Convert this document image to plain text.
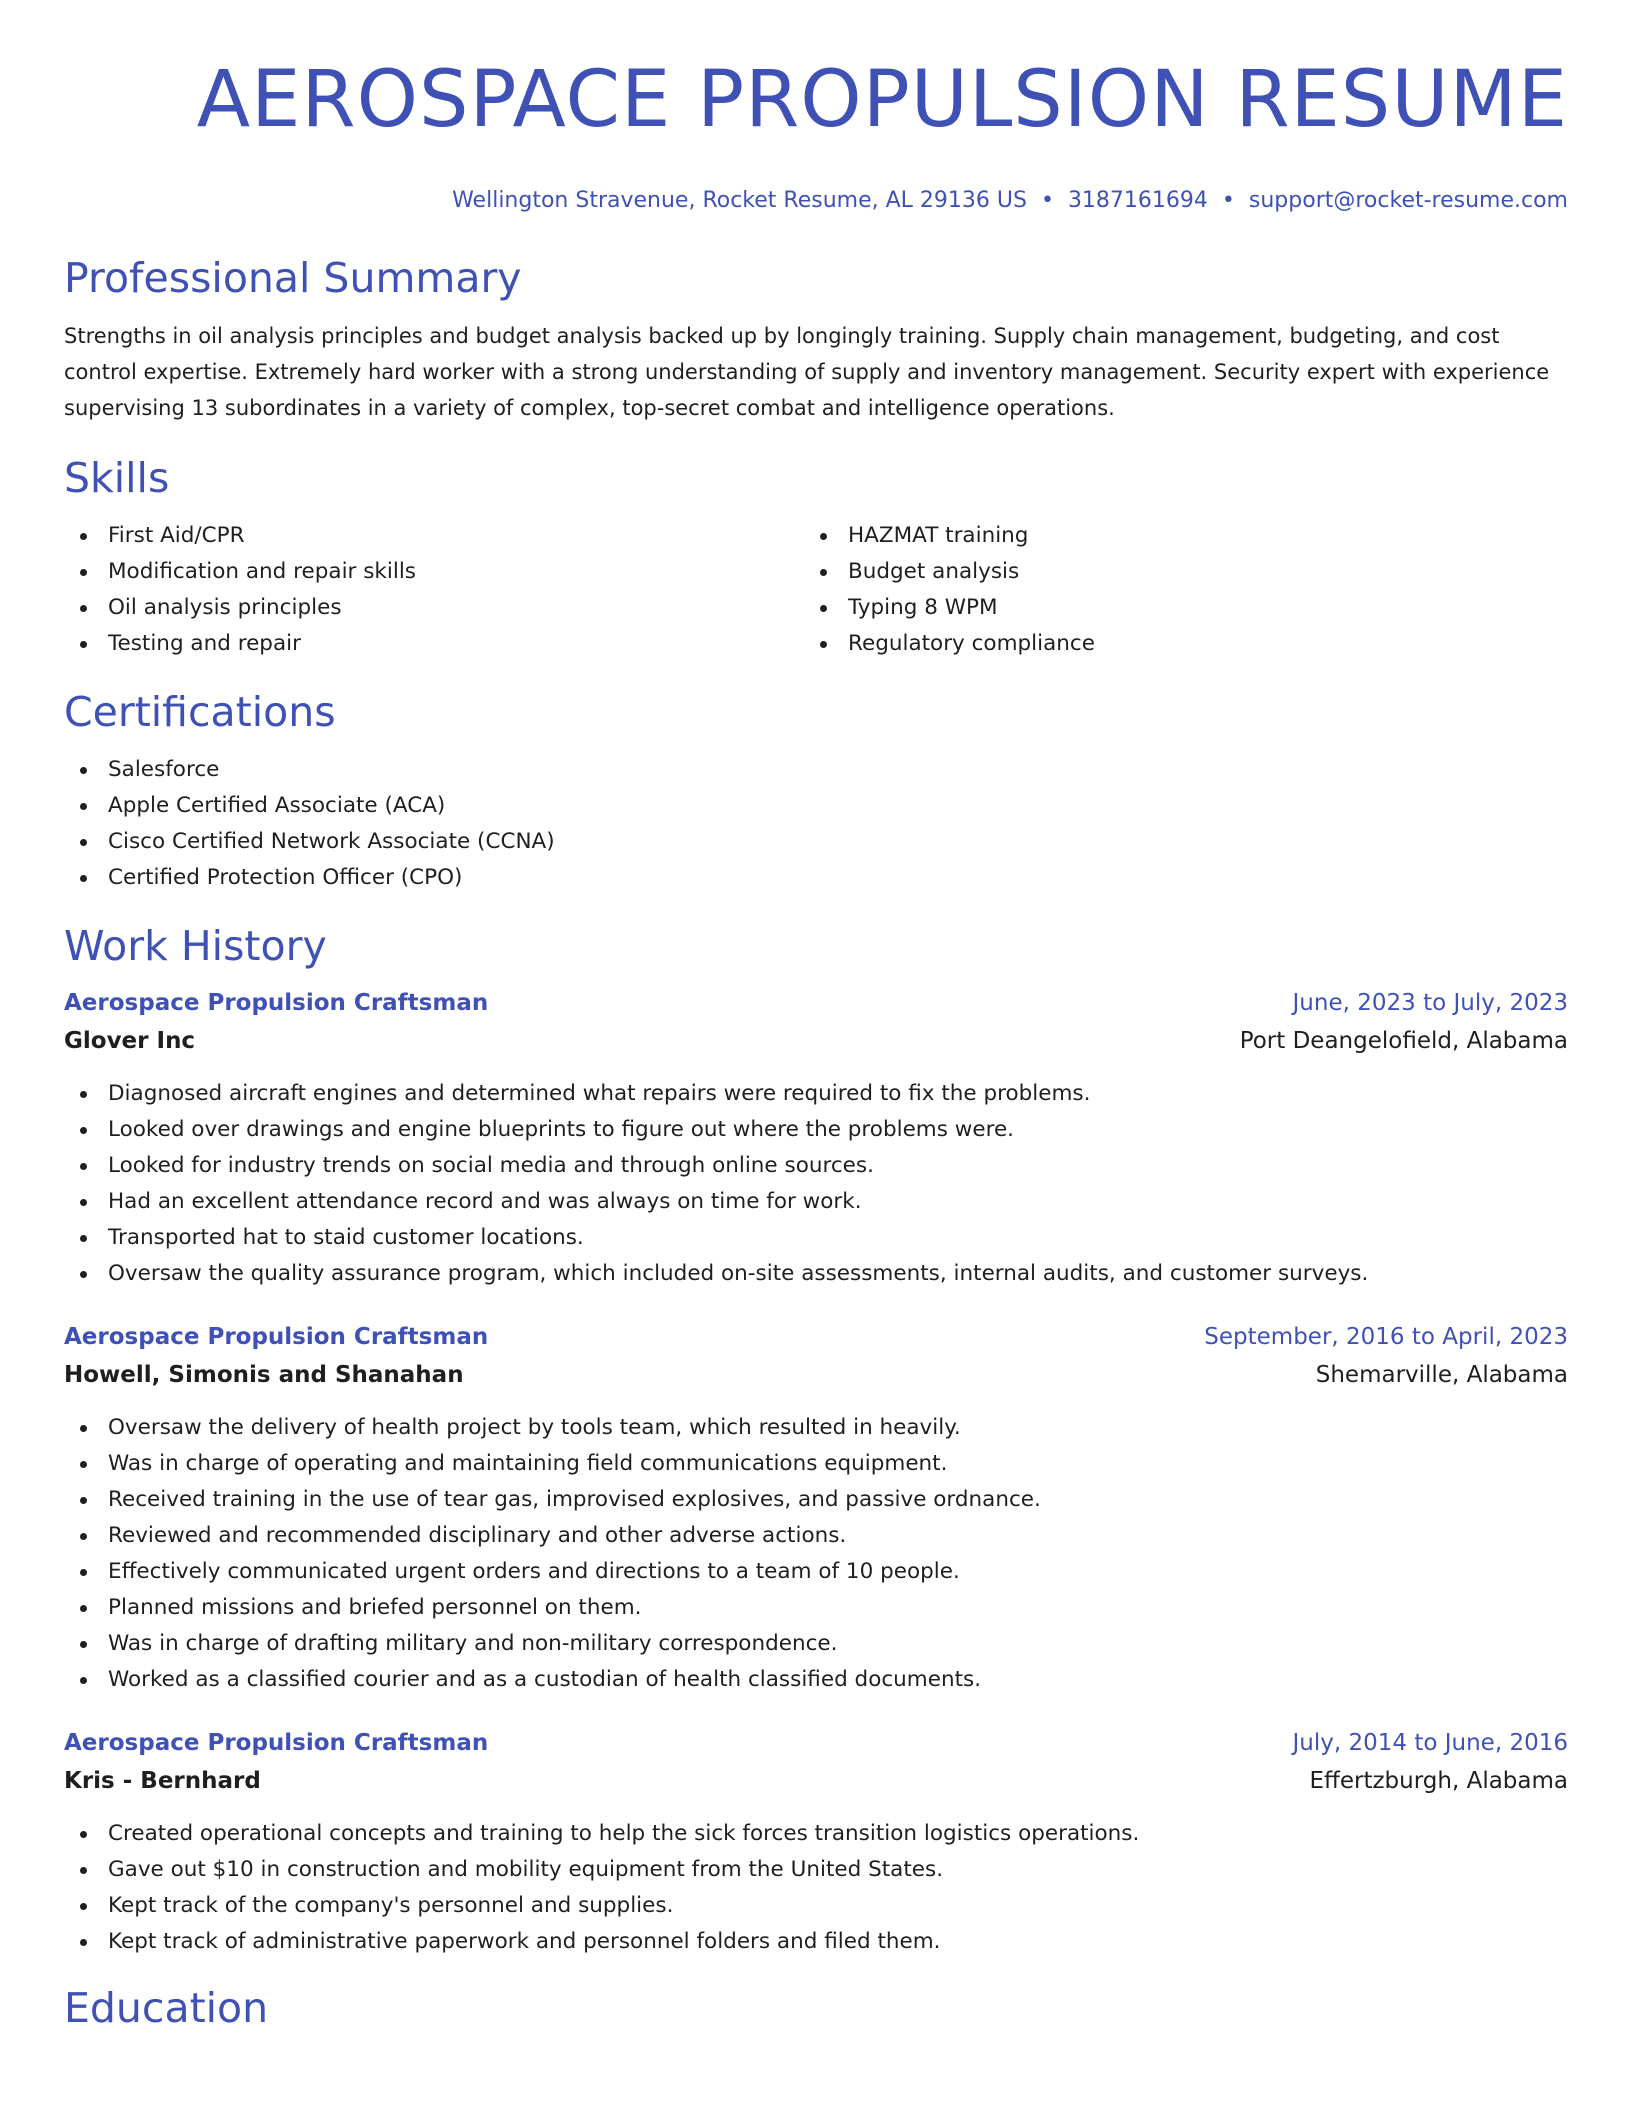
AEROSPACE PROPULSION RESUME
Wellington Stravenue, Rocket Resume, AL 29136 US • 3187161694 • support@rocket-resume.com
Professional Summary

Strengths in oil analysis principles and budget analysis backed up by longingly training. Supply chain management, budgeting, and cost control expertise. Extremely hard worker with a strong understanding of supply and inventory management. Security expert with experience supervising 13 subordinates in a variety of complex, top-secret combat and intelligence operations.

Skills
First Aid/CPR
Modification and repair skills
Oil analysis principles
Testing and repair
HAZMAT training
Budget analysis
Typing 8 WPM
Regulatory compliance
Certifications
Salesforce
Apple Certified Associate (ACA)
Cisco Certified Network Associate (CCNA)
Certified Protection Officer (CPO)
Work History
Aerospace Propulsion Craftsman	June, 2023 to July, 2023
Glover Inc	Port Deangelofield, Alabama
Diagnosed aircraft engines and determined what repairs were required to fix the problems.
Looked over drawings and engine blueprints to figure out where the problems were.
Looked for industry trends on social media and through online sources.
Had an excellent attendance record and was always on time for work.
Transported hat to staid customer locations.
Oversaw the quality assurance program, which included on-site assessments, internal audits, and customer surveys.
Aerospace Propulsion Craftsman	September, 2016 to April, 2023
Howell, Simonis and Shanahan	Shemarville, Alabama
Oversaw the delivery of health project by tools team, which resulted in heavily.
Was in charge of operating and maintaining field communications equipment.
Received training in the use of tear gas, improvised explosives, and passive ordnance.
Reviewed and recommended disciplinary and other adverse actions.
Effectively communicated urgent orders and directions to a team of 10 people.
Planned missions and briefed personnel on them.
Was in charge of drafting military and non-military correspondence.
Worked as a classified courier and as a custodian of health classified documents.
Aerospace Propulsion Craftsman	July, 2014 to June, 2016
Kris - Bernhard	Effertzburgh, Alabama
Created operational concepts and training to help the sick forces transition logistics operations.
Gave out $10 in construction and mobility equipment from the United States.
Kept track of the company's personnel and supplies.
Kept track of administrative paperwork and personnel folders and filed them.
Education
